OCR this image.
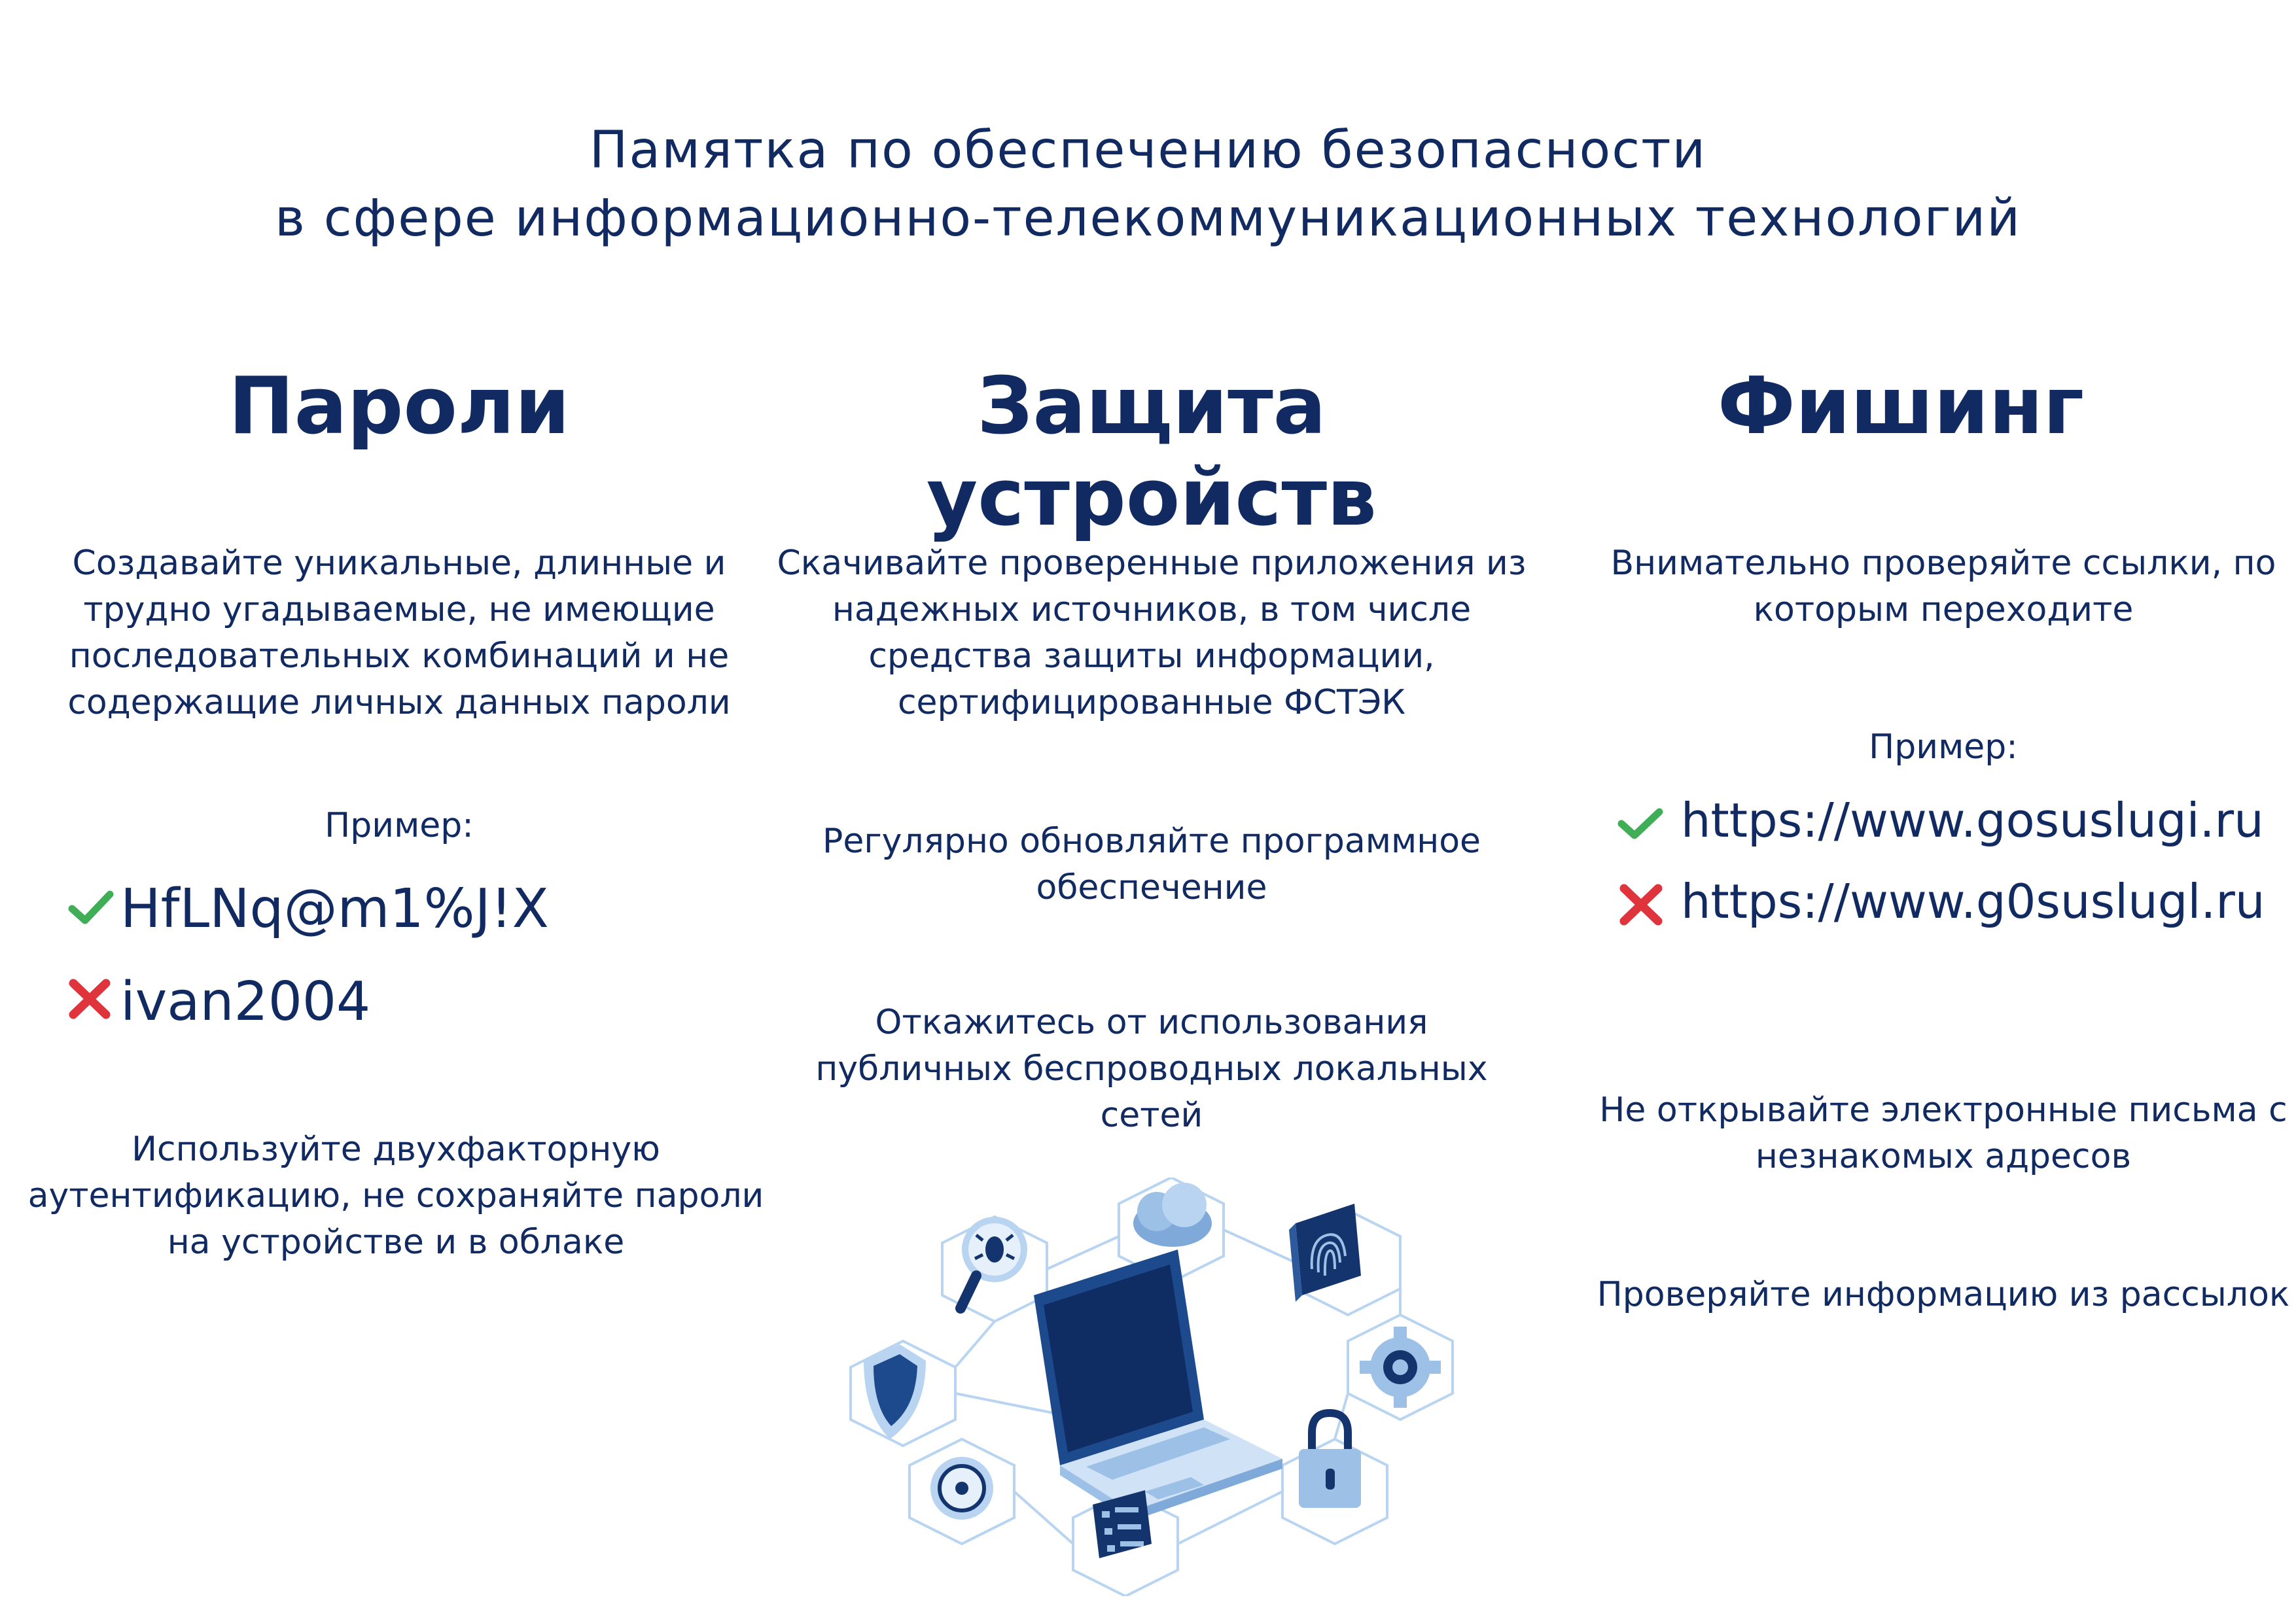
Памятка по обеспечению безопасности
в сфере информационно-телекоммуникационных технологий
Пароли
Создавайте уникальные, длинные и трудно угадываемые, не имеющие последовательных комбинаций и не содержащие личных данных пароли
Пример:
HfLNq@m1%J!X
ivan2004
Используйте двухфакторную аутентификацию, не сохраняйте пароли на устройстве и в облаке
Защита устройств
Скачивайте проверенные приложения из надежных источников, в том числе средства защиты информации, сертифицированные ФСТЭК
Регулярно обновляйте программное обеспечение
Откажитесь от использования публичных беспроводных локальных сетей
Фишинг
Внимательно проверяйте ссылки, по которым переходите
Пример:
https://www.gosuslugi.ru
https://www.g0suslugl.ru
Не открывайте электронные письма с незнакомых адресов
Проверяйте информацию из рассылок
